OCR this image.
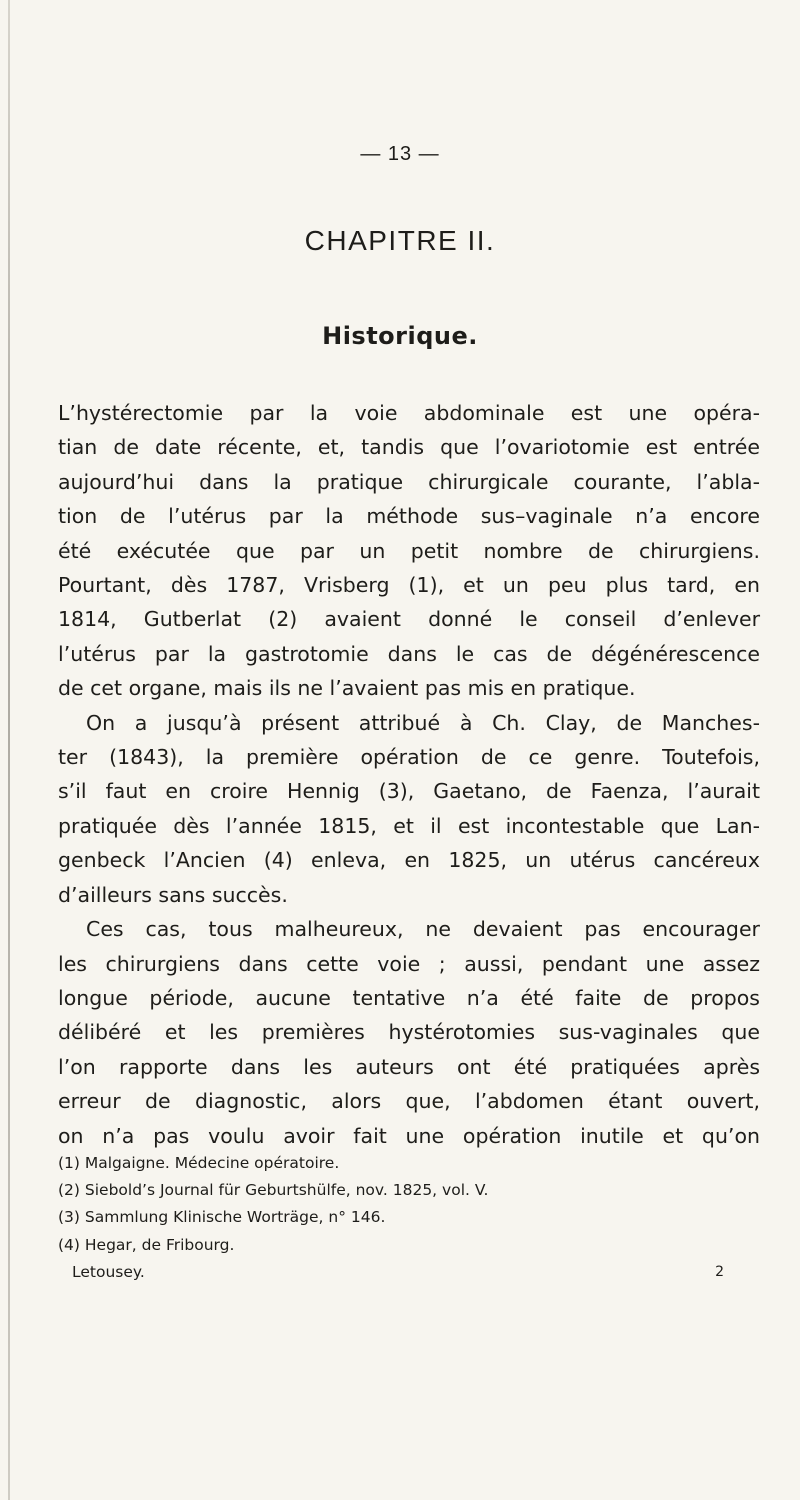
— 13 —
CHAPITRE II.
Historique.

L’hystérectomie par la voie abdominale est une opéra-
tian de date récente, et, tandis que l’ovariotomie est entrée
aujourd’hui dans la pratique chirurgicale courante, l’abla-
tion de l’utérus par la méthode sus–vaginale n’a encore
été exécutée que par un petit nombre de chirurgiens.
Pourtant, dès 1787, Vrisberg (1), et un peu plus tard, en
1814, Gutberlat (2) avaient donné le conseil d’enlever
l’utérus par la gastrotomie dans le cas de dégénérescence
de cet organe, mais ils ne l’avaient pas mis en pratique.

On a jusqu’à présent attribué à Ch. Clay, de Manches-
ter (1843), la première opération de ce genre. Toutefois,
s’il faut en croire Hennig (3), Gaetano, de Faenza, l’aurait
pratiquée dès l’année 1815, et il est incontestable que Lan-
genbeck l’Ancien (4) enleva, en 1825, un utérus cancéreux
d’ailleurs sans succès.

Ces cas, tous malheureux, ne devaient pas encourager
les chirurgiens dans cette voie ; aussi, pendant une assez
longue période, aucune tentative n’a été faite de propos
délibéré et les premières hystérotomies sus-vaginales que
l’on rapporte dans les auteurs ont été pratiquées après
erreur de diagnostic, alors que, l’abdomen étant ouvert,
on n’a pas voulu avoir fait une opération inutile et qu’on

(1) Malgaigne. Médecine opératoire.
(2) Siebold’s Journal für Geburtshülfe, nov. 1825, vol. V.
(3) Sammlung Klinische Worträge, n° 146.
(4) Hegar, de Fribourg.
Letousey.	2
